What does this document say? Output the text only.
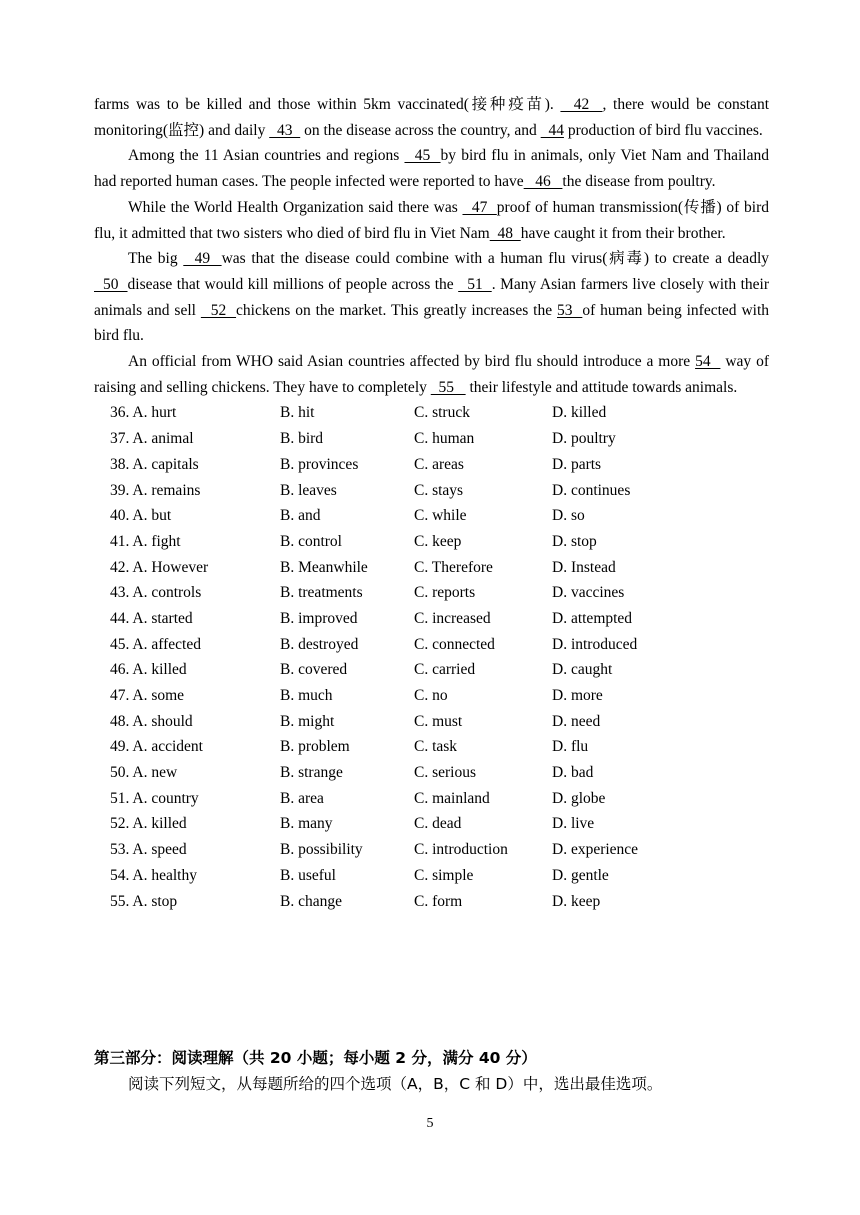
farms was to be killed and those within 5km vaccinated(接种疫苗).   42  , there would be constant monitoring(监控) and daily   43   on the disease across the country, and   44 production of bird flu vaccines.

Among the 11 Asian countries and regions   45  by bird flu in animals, only Viet Nam and Thailand had reported human cases. The people infected were reported to have   46   the disease from poultry.

While the World Health Organization said there was   47  proof of human transmission(传播) of bird flu, it admitted that two sisters who died of bird flu in Viet Nam  48  have caught it from their brother.

The big   49  was that the disease could combine with a human flu virus(病毒) to create a deadly   50  disease that would kill millions of people across the   51  . Many Asian farmers live closely with their animals and sell   52  chickens on the market. This greatly increases the 53  of human being infected with bird flu.

An official from WHO said Asian countries affected by bird flu should introduce a more 54   way of raising and selling chickens. They have to completely   55    their lifestyle and attitude towards animals.

36. A. hurt	B. hit	C. struck	D. killed
37. A. animal	B. bird	C. human	D. poultry
38. A. capitals	B. provinces	C. areas	D. parts
39. A. remains	B. leaves	C. stays	D. continues
40. A. but	B. and	C. while	D. so
41. A. fight	B. control	C. keep	D. stop
42. A. However	B. Meanwhile	C. Therefore	D. Instead
43. A. controls	B. treatments	C. reports	D. vaccines
44. A. started	B. improved	C. increased	D. attempted
45. A. affected	B. destroyed	C. connected	D. introduced
46. A. killed	B. covered	C. carried	D. caught
47. A. some	B. much	C. no	D. more
48. A. should	B. might	C. must	D. need
49. A. accident	B. problem	C. task	D. flu
50. A. new	B. strange	C. serious	D. bad
51. A. country	B. area	C. mainland	D. globe
52. A. killed	B. many	C. dead	D. live
53. A. speed	B. possibility	C. introduction	D. experience
54. A. healthy	B. useful	C. simple	D. gentle
55. A. stop	B. change	C. form	D. keep
第三部分：阅读理解（共 20 小题；每小题 2 分，满分 40 分）
阅读下列短文，从每题所给的四个选项（A，B，C 和 D）中，选出最佳选项。
5
